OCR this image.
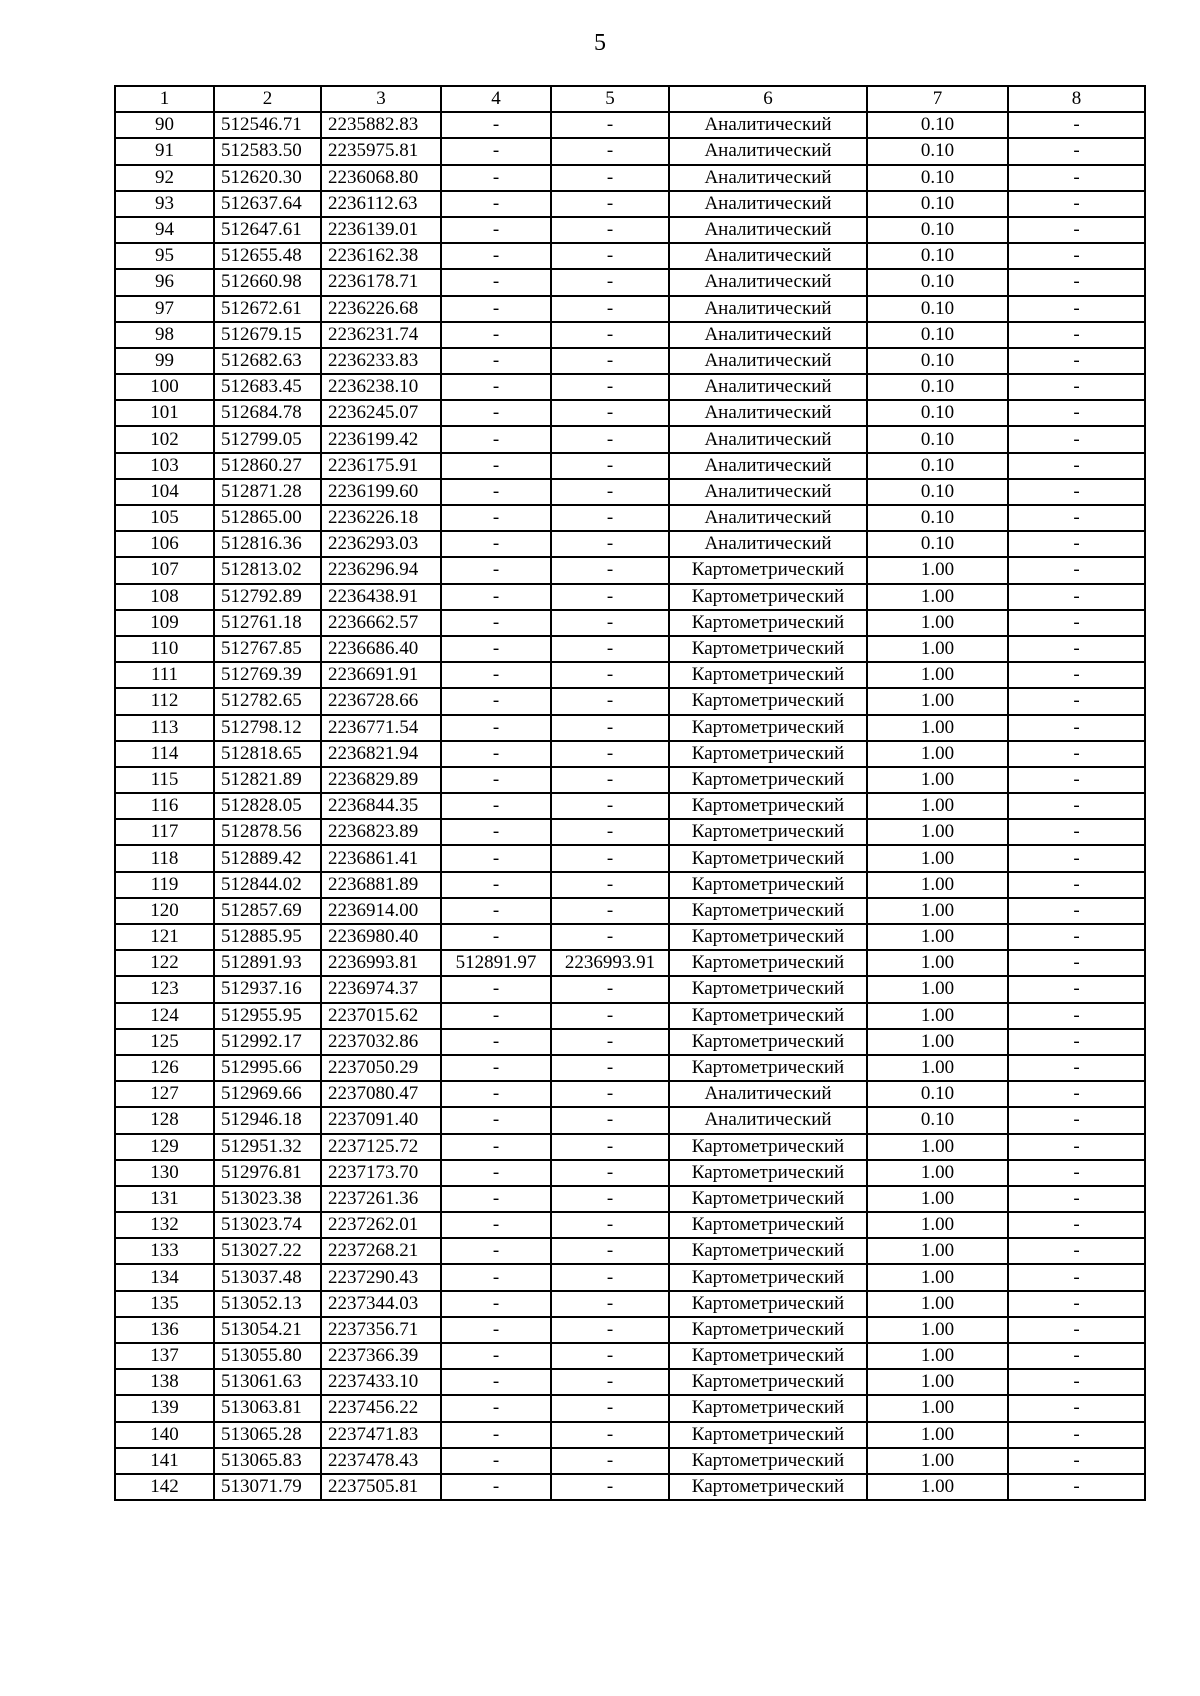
5
1	2	3	4	5	6	7	8
90	512546.71	2235882.83	-	-	Аналитический	0.10	-
91	512583.50	2235975.81	-	-	Аналитический	0.10	-
92	512620.30	2236068.80	-	-	Аналитический	0.10	-
93	512637.64	2236112.63	-	-	Аналитический	0.10	-
94	512647.61	2236139.01	-	-	Аналитический	0.10	-
95	512655.48	2236162.38	-	-	Аналитический	0.10	-
96	512660.98	2236178.71	-	-	Аналитический	0.10	-
97	512672.61	2236226.68	-	-	Аналитический	0.10	-
98	512679.15	2236231.74	-	-	Аналитический	0.10	-
99	512682.63	2236233.83	-	-	Аналитический	0.10	-
100	512683.45	2236238.10	-	-	Аналитический	0.10	-
101	512684.78	2236245.07	-	-	Аналитический	0.10	-
102	512799.05	2236199.42	-	-	Аналитический	0.10	-
103	512860.27	2236175.91	-	-	Аналитический	0.10	-
104	512871.28	2236199.60	-	-	Аналитический	0.10	-
105	512865.00	2236226.18	-	-	Аналитический	0.10	-
106	512816.36	2236293.03	-	-	Аналитический	0.10	-
107	512813.02	2236296.94	-	-	Картометрический	1.00	-
108	512792.89	2236438.91	-	-	Картометрический	1.00	-
109	512761.18	2236662.57	-	-	Картометрический	1.00	-
110	512767.85	2236686.40	-	-	Картометрический	1.00	-
111	512769.39	2236691.91	-	-	Картометрический	1.00	-
112	512782.65	2236728.66	-	-	Картометрический	1.00	-
113	512798.12	2236771.54	-	-	Картометрический	1.00	-
114	512818.65	2236821.94	-	-	Картометрический	1.00	-
115	512821.89	2236829.89	-	-	Картометрический	1.00	-
116	512828.05	2236844.35	-	-	Картометрический	1.00	-
117	512878.56	2236823.89	-	-	Картометрический	1.00	-
118	512889.42	2236861.41	-	-	Картометрический	1.00	-
119	512844.02	2236881.89	-	-	Картометрический	1.00	-
120	512857.69	2236914.00	-	-	Картометрический	1.00	-
121	512885.95	2236980.40	-	-	Картометрический	1.00	-
122	512891.93	2236993.81	512891.97	2236993.91	Картометрический	1.00	-
123	512937.16	2236974.37	-	-	Картометрический	1.00	-
124	512955.95	2237015.62	-	-	Картометрический	1.00	-
125	512992.17	2237032.86	-	-	Картометрический	1.00	-
126	512995.66	2237050.29	-	-	Картометрический	1.00	-
127	512969.66	2237080.47	-	-	Аналитический	0.10	-
128	512946.18	2237091.40	-	-	Аналитический	0.10	-
129	512951.32	2237125.72	-	-	Картометрический	1.00	-
130	512976.81	2237173.70	-	-	Картометрический	1.00	-
131	513023.38	2237261.36	-	-	Картометрический	1.00	-
132	513023.74	2237262.01	-	-	Картометрический	1.00	-
133	513027.22	2237268.21	-	-	Картометрический	1.00	-
134	513037.48	2237290.43	-	-	Картометрический	1.00	-
135	513052.13	2237344.03	-	-	Картометрический	1.00	-
136	513054.21	2237356.71	-	-	Картометрический	1.00	-
137	513055.80	2237366.39	-	-	Картометрический	1.00	-
138	513061.63	2237433.10	-	-	Картометрический	1.00	-
139	513063.81	2237456.22	-	-	Картометрический	1.00	-
140	513065.28	2237471.83	-	-	Картометрический	1.00	-
141	513065.83	2237478.43	-	-	Картометрический	1.00	-
142	513071.79	2237505.81	-	-	Картометрический	1.00	-
